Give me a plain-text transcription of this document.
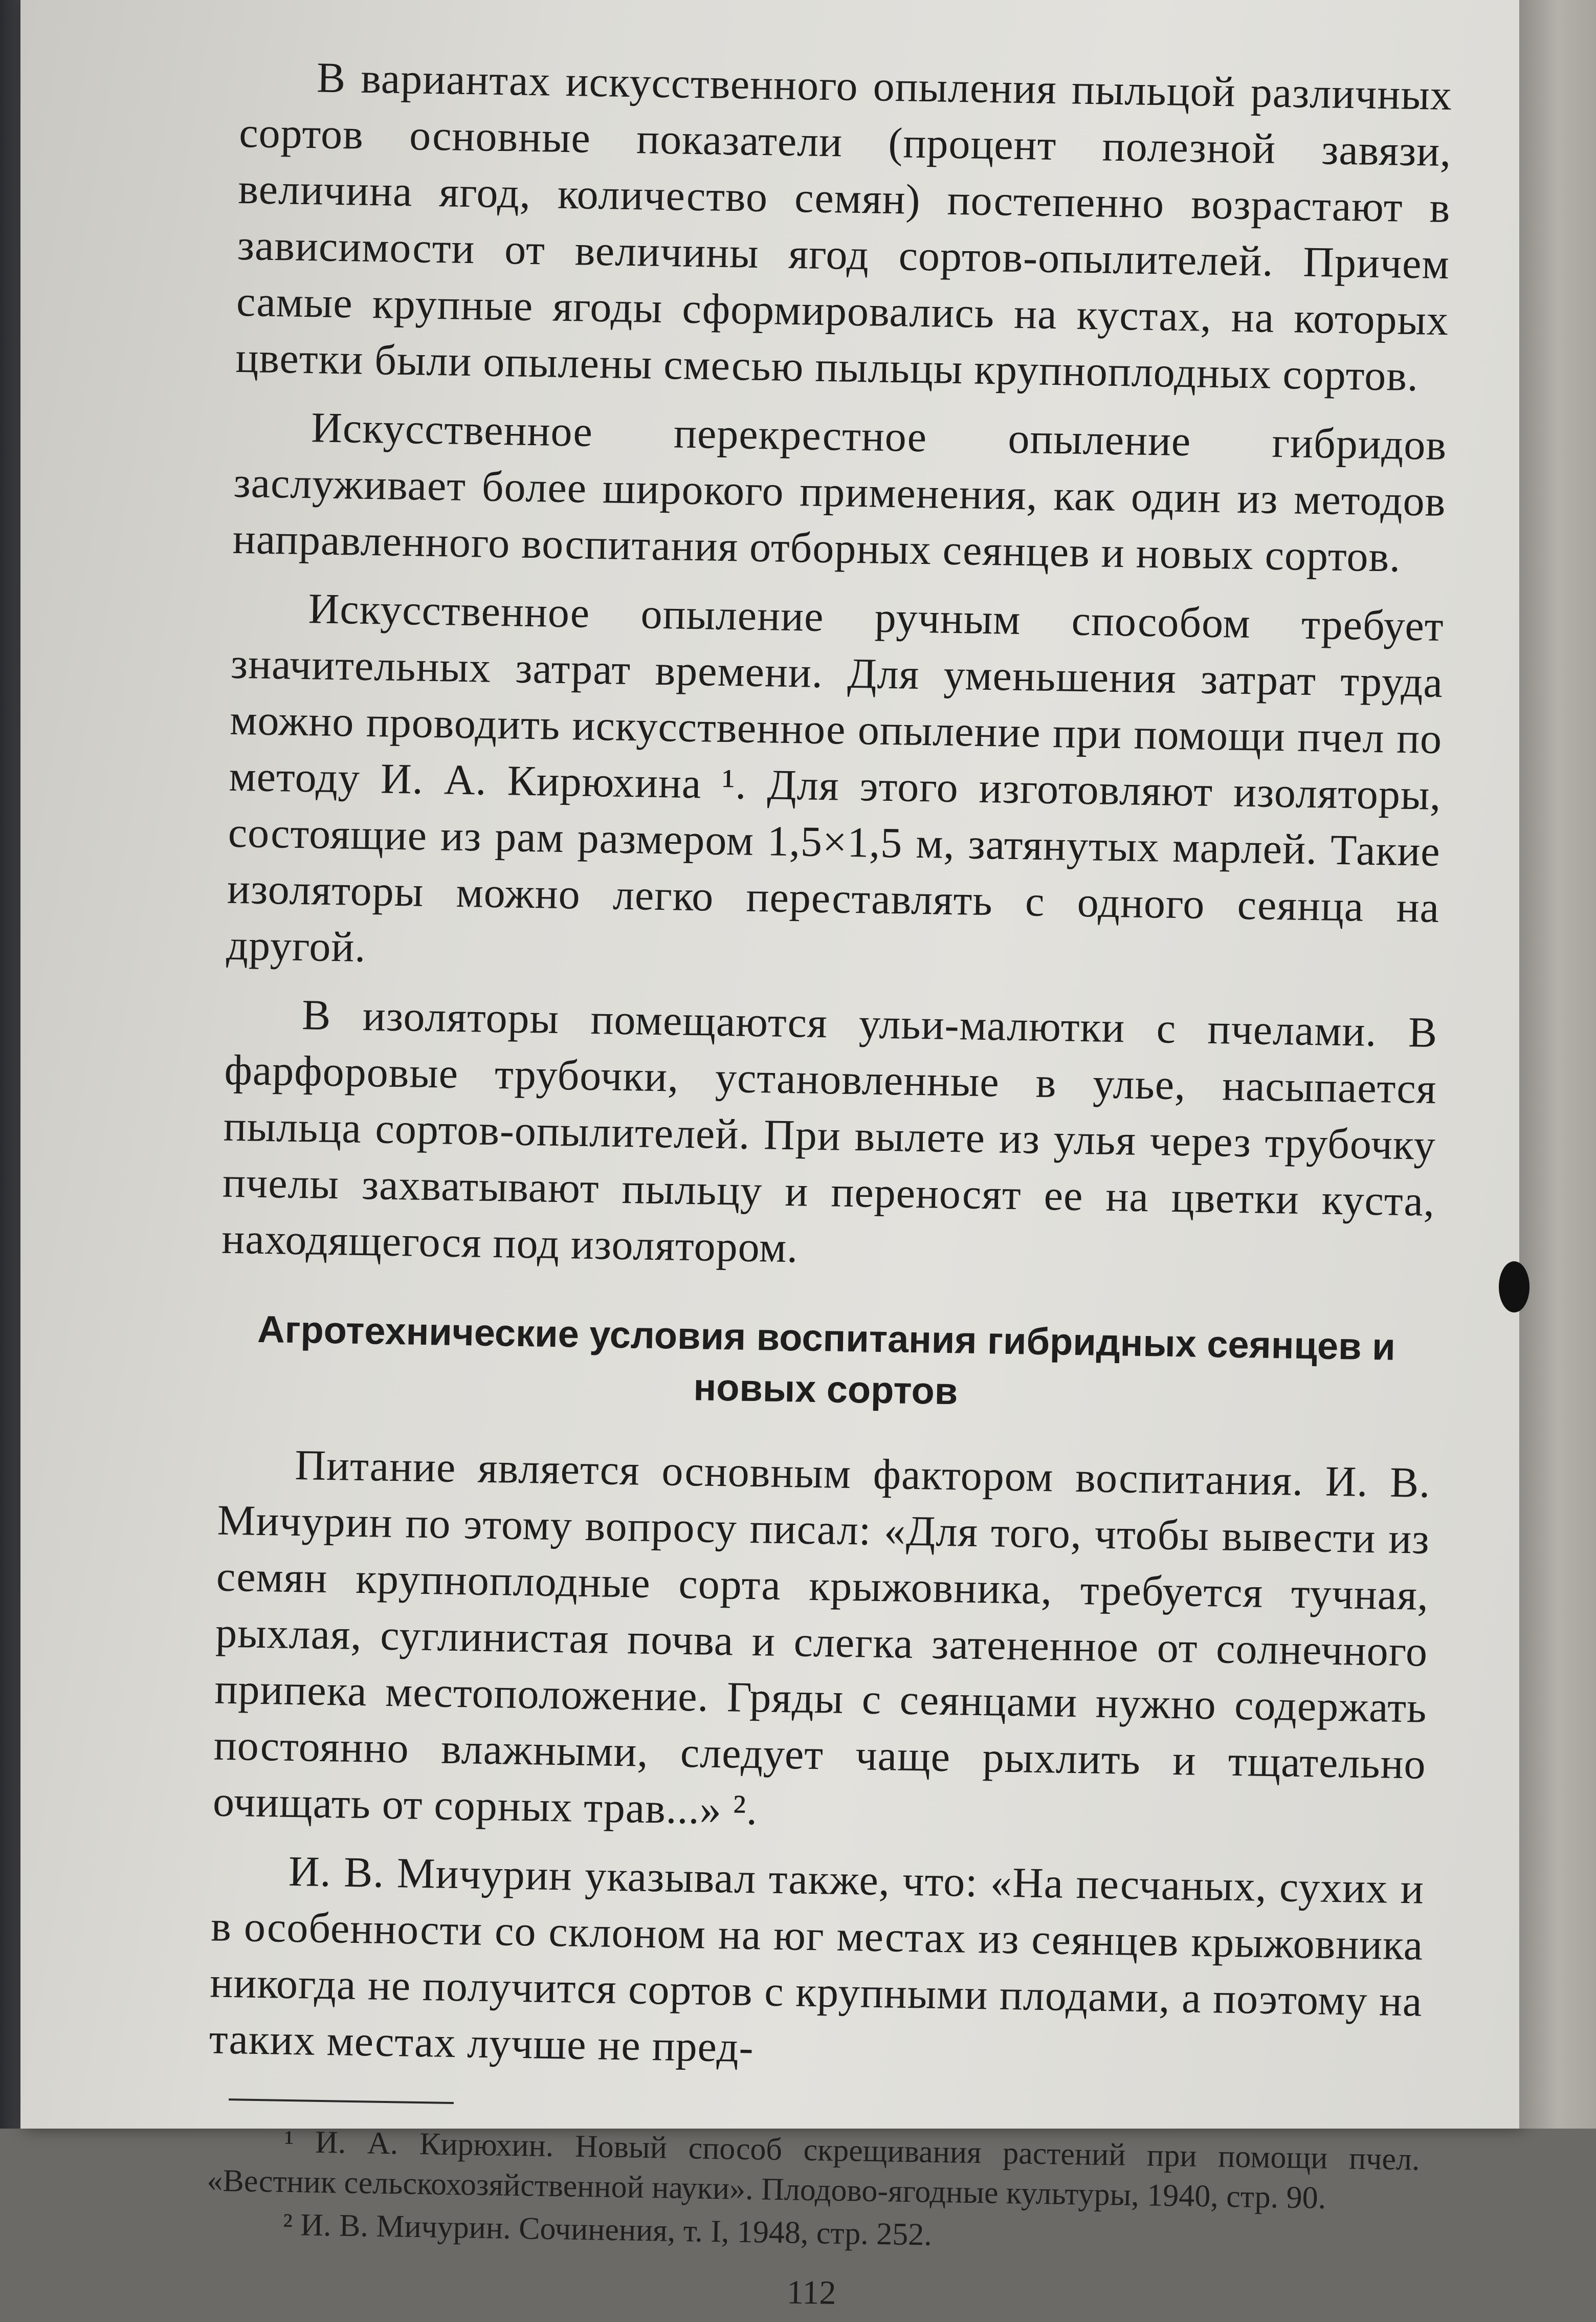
В вариантах искусственного опыления пыльцой различных сортов основные показатели (процент полезной завязи, величина ягод, количество семян) постепенно возрастают в зависимости от величины ягод сортов-опылителей. Причем самые крупные ягоды сформировались на кустах, на которых цветки были опылены смесью пыльцы крупноплодных сортов.

Искусственное перекрестное опыление гибридов заслуживает более широкого применения, как один из методов направленного воспитания отборных сеянцев и новых сортов.

Искусственное опыление ручным способом требует значительных затрат времени. Для уменьшения затрат труда можно проводить искусственное опыление при помощи пчел по методу И. А. Кирюхина ¹. Для этого изготовляют изоляторы, состоящие из рам размером 1,5×1,5 м, затянутых марлей. Такие изоляторы можно легко переставлять с одного сеянца на другой.

В изоляторы помещаются ульи-малютки с пчелами. В фарфоровые трубочки, установленные в улье, насыпается пыльца сортов-опылителей. При вылете из улья через трубочку пчелы захватывают пыльцу и переносят ее на цветки куста, находящегося под изолятором.

Агротехнические условия воспитания гибридных сеянцев и новых сортов

Питание является основным фактором воспитания. И. В. Мичурин по этому вопросу писал: «Для того, чтобы вывести из семян крупноплодные сорта крыжовника, требуется тучная, рыхлая, суглинистая почва и слегка затененное от солнечного припека местоположение. Гряды с сеянцами нужно содержать постоянно влажными, следует чаще рыхлить и тщательно очищать от сорных трав...» ².

И. В. Мичурин указывал также, что: «На песчаных, сухих и в особенности со склоном на юг местах из сеянцев крыжовника никогда не получится сортов с крупными плодами, а поэтому на таких местах лучше не пред-

¹ И. А. Кирюхин. Новый способ скрещивания растений при помощи пчел. «Вестник сельскохозяйственной науки». Плодово-ягодные культуры, 1940, стр. 90.

² И. В. Мичурин. Сочинения, т. I, 1948, стр. 252.

112
